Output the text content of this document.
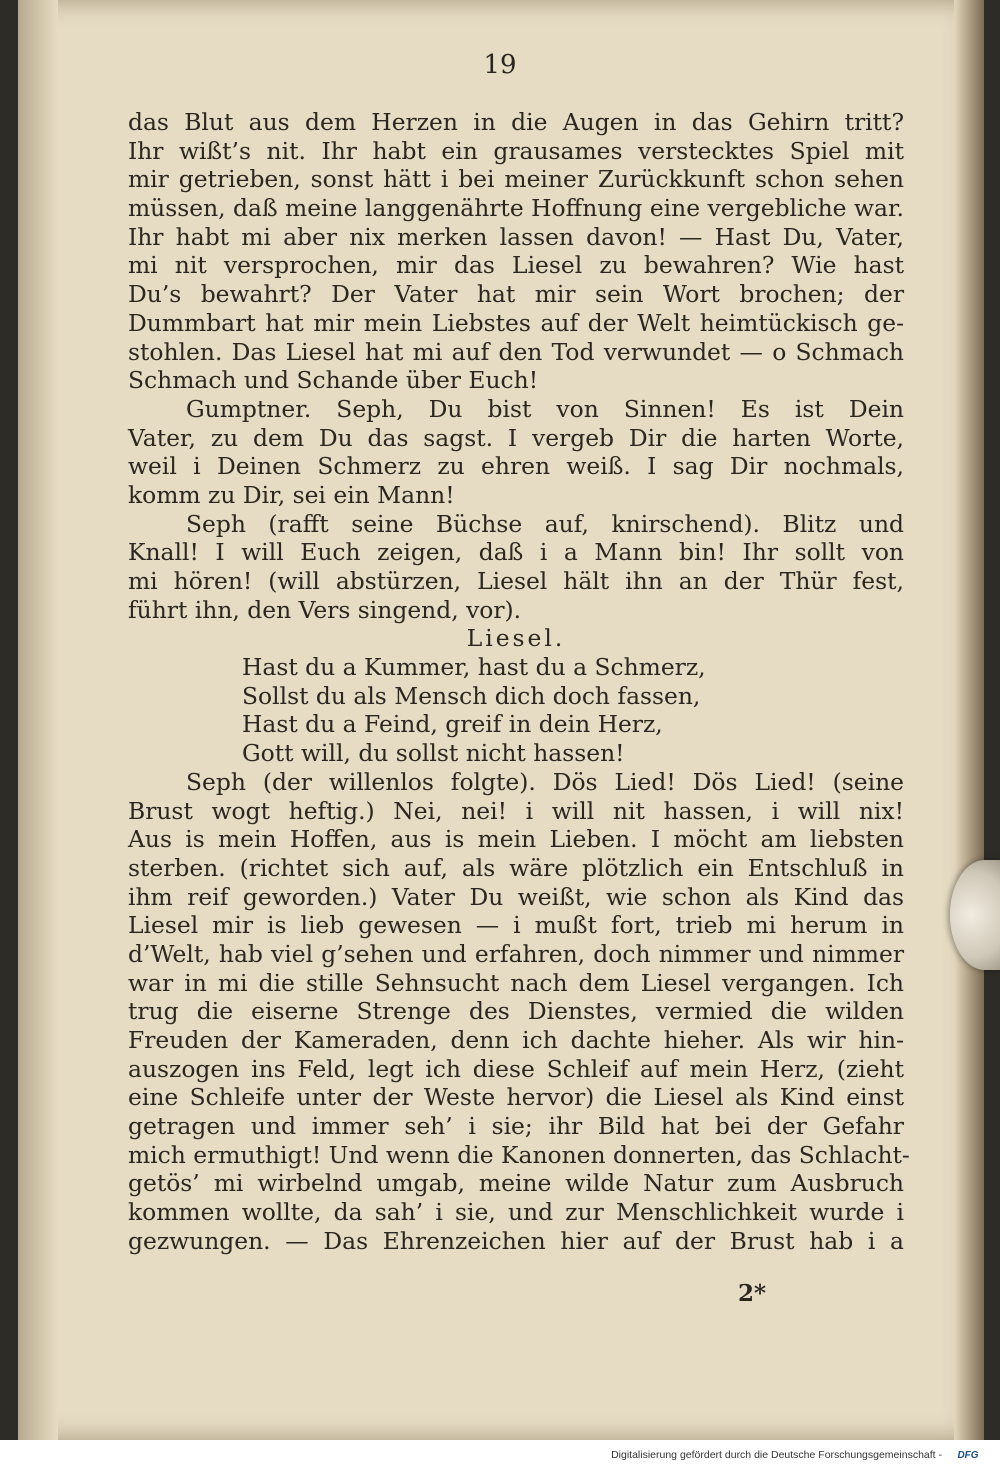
19
das Blut aus dem Herzen in die Augen in das Gehirn tritt?
Ihr wißt’s nit. Ihr habt ein grausames verstecktes Spiel mit
mir getrieben, sonst hätt i bei meiner Zurückkunft schon sehen
müssen, daß meine langgenährte Hoffnung eine vergebliche war.
Ihr habt mi aber nix merken lassen davon! — Hast Du, Vater,
mi nit versprochen, mir das Liesel zu bewahren? Wie hast
Du’s bewahrt? Der Vater hat mir sein Wort brochen; der
Dummbart hat mir mein Liebstes auf der Welt heimtückisch ge-
stohlen. Das Liesel hat mi auf den Tod verwundet — o Schmach
Schmach und Schande über Euch!
Gumptner. Seph, Du bist von Sinnen! Es ist Dein
Vater, zu dem Du das sagst. I vergeb Dir die harten Worte,
weil i Deinen Schmerz zu ehren weiß. I sag Dir nochmals,
komm zu Dir, sei ein Mann!
Seph (rafft seine Büchse auf, knirschend). Blitz und
Knall! I will Euch zeigen, daß i a Mann bin! Ihr sollt von
mi hören! (will abstürzen, Liesel hält ihn an der Thür fest,
führt ihn, den Vers singend, vor).
Liesel.
Hast du a Kummer, hast du a Schmerz,
Sollst du als Mensch dich doch fassen,
Hast du a Feind, greif in dein Herz,
Gott will, du sollst nicht hassen!
Seph (der willenlos folgte). Dös Lied! Dös Lied! (seine
Brust wogt heftig.) Nei, nei! i will nit hassen, i will nix!
Aus is mein Hoffen, aus is mein Lieben. I möcht am liebsten
sterben. (richtet sich auf, als wäre plötzlich ein Entschluß in
ihm reif geworden.) Vater Du weißt, wie schon als Kind das
Liesel mir is lieb gewesen — i mußt fort, trieb mi herum in
d’Welt, hab viel g’sehen und erfahren, doch nimmer und nimmer
war in mi die stille Sehnsucht nach dem Liesel vergangen. Ich
trug die eiserne Strenge des Dienstes, vermied die wilden
Freuden der Kameraden, denn ich dachte hieher. Als wir hin-
auszogen ins Feld, legt ich diese Schleif auf mein Herz, (zieht
eine Schleife unter der Weste hervor) die Liesel als Kind einst
getragen und immer seh’ i sie; ihr Bild hat bei der Gefahr
mich ermuthigt! Und wenn die Kanonen donnerten, das Schlacht-
getös’ mi wirbelnd umgab, meine wilde Natur zum Ausbruch
kommen wollte, da sah’ i sie, und zur Menschlichkeit wurde i
gezwungen. — Das Ehrenzeichen hier auf der Brust hab i a
2*
Digitalisierung gefördert durch die Deutsche Forschungsgemeinschaft -	DFG
